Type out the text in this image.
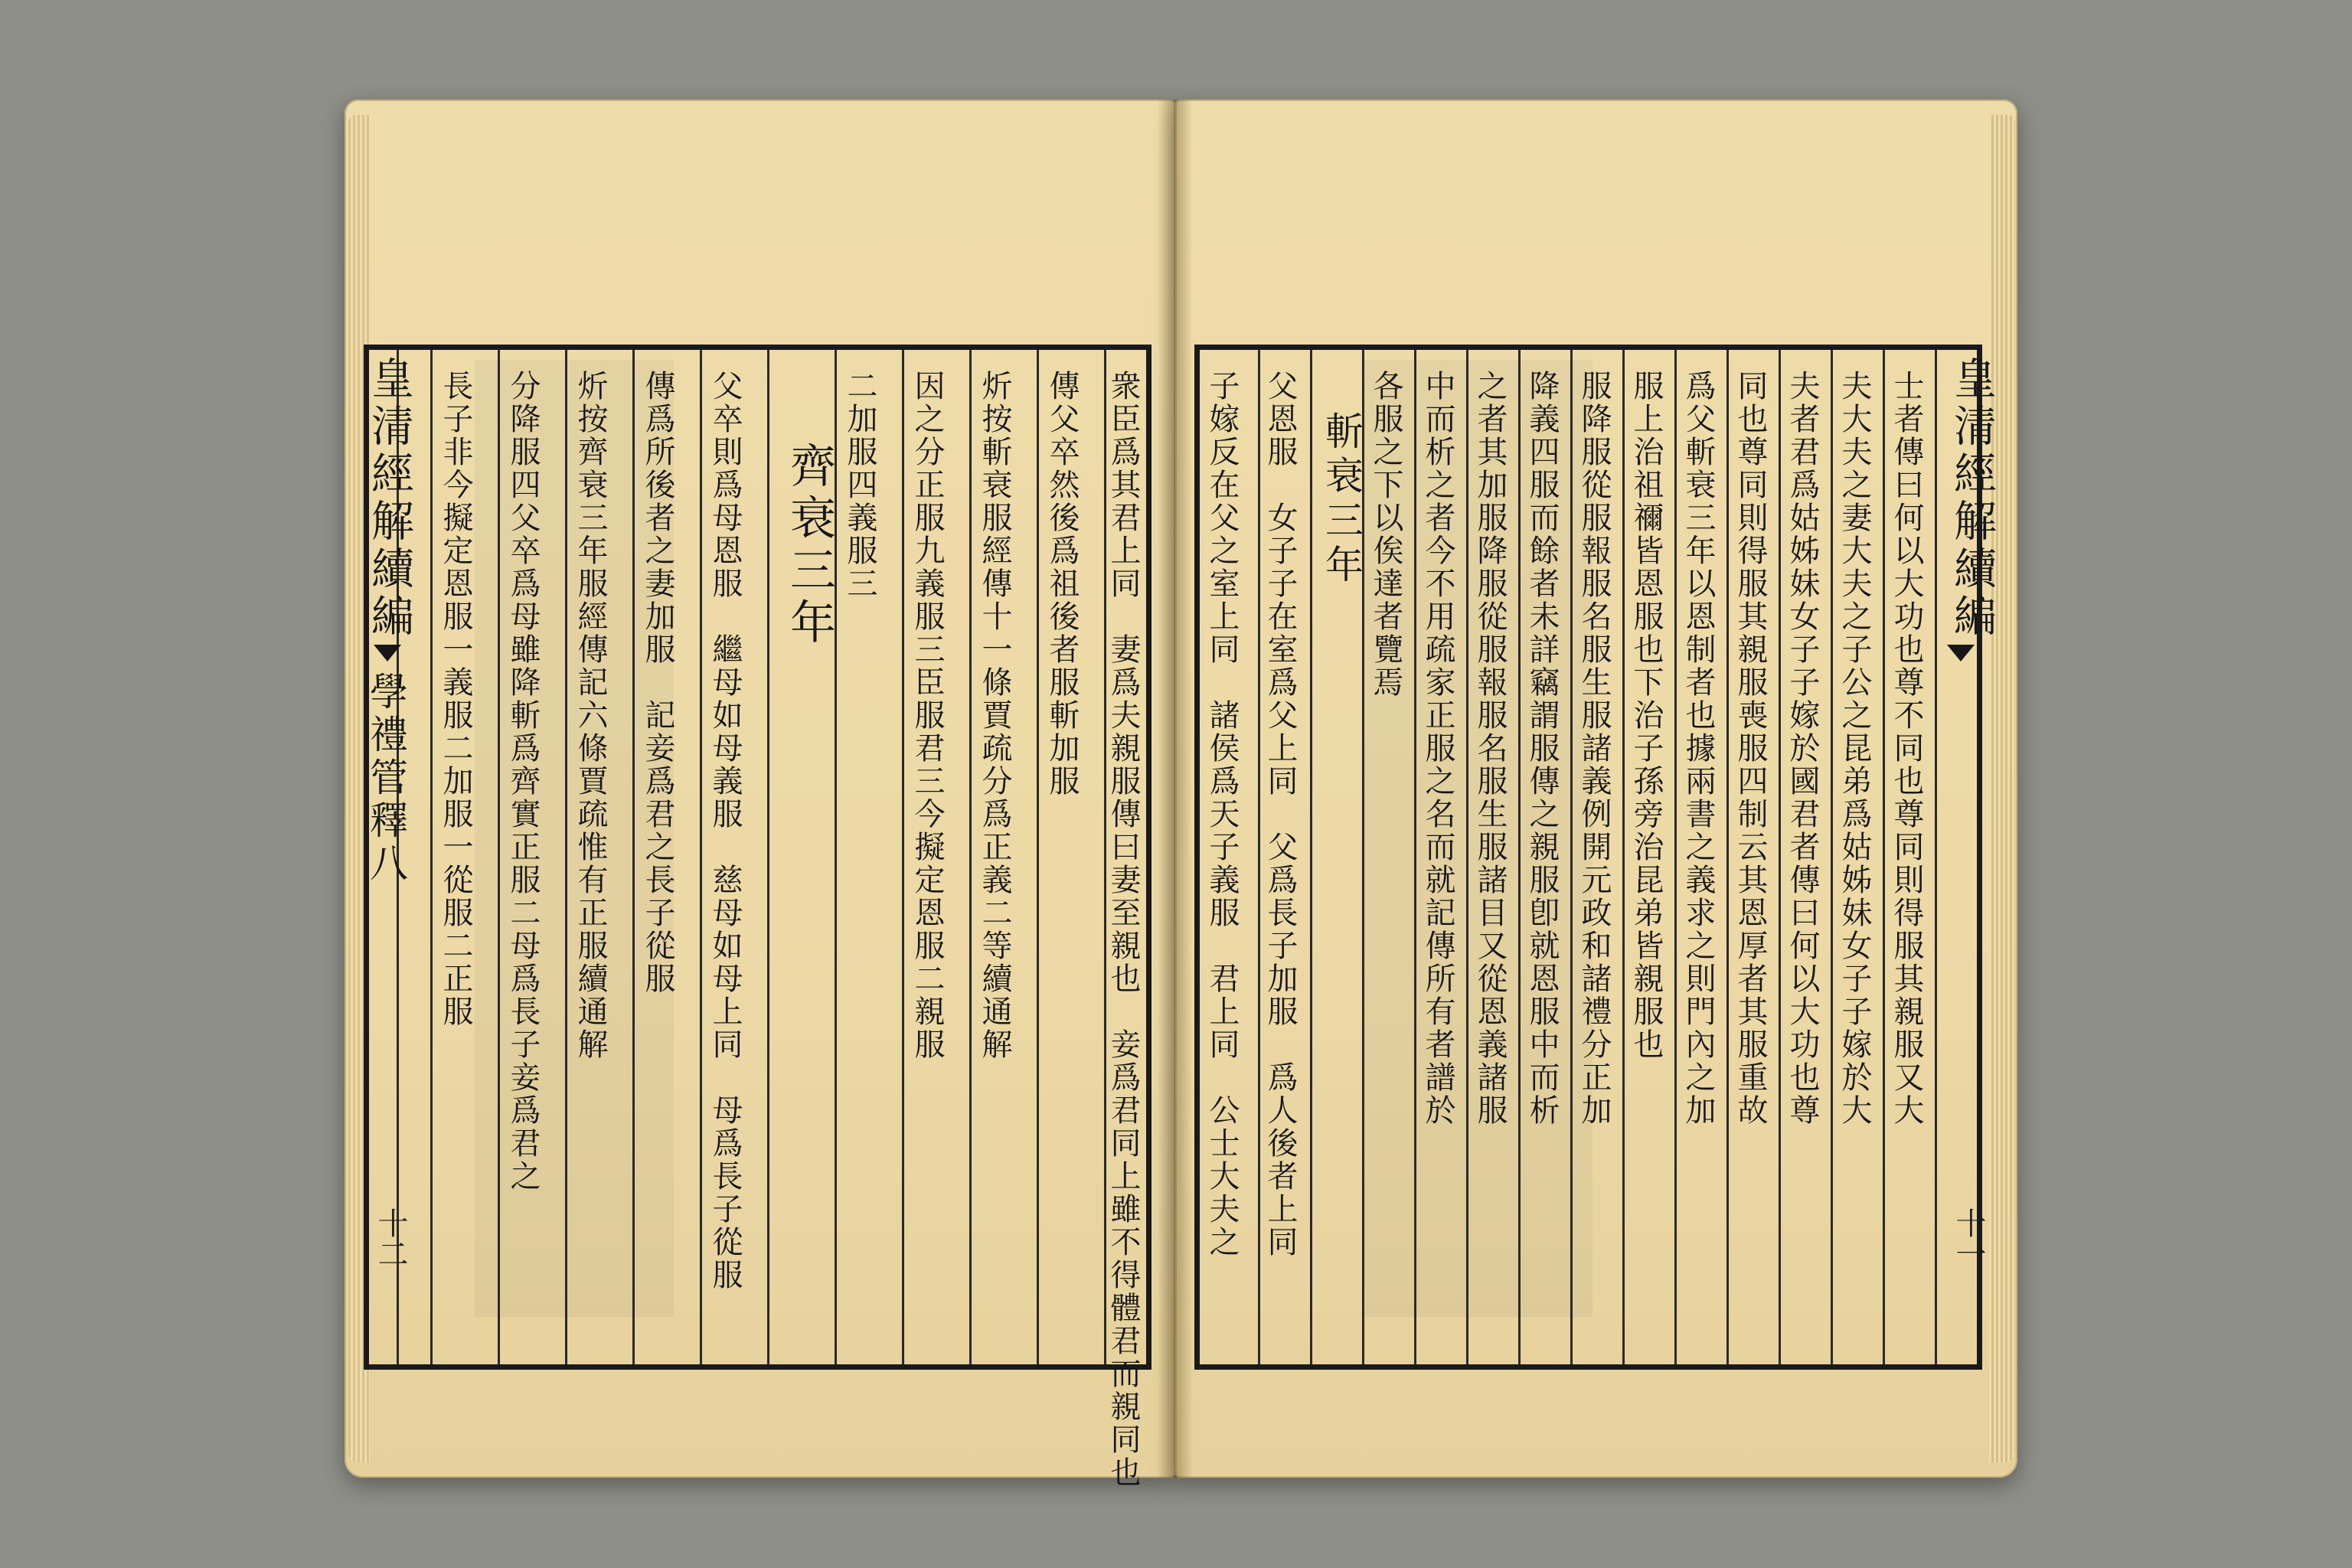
皇清經解續編
學禮管釋八
十二
長子非今擬定恩服一義服二加服一從服二正服 分降服四父卒爲母雖降斬爲齊實正服二母爲長子妾爲君之 炘按齊衰三年服經傳記六條賈疏惟有正服續通解 傳爲所後者之妻加服　記妾爲君之長子從服 父卒則爲母恩服　繼母如母義服　慈母如母上同　母爲長子從服 齊衰三年 二加服四義服三 因之分正服九義服三臣服君三今擬定恩服二親服 炘按斬衰服經傳十一條賈疏分爲正義二等續通解 傳父卒然後爲祖後者服斬加服 衆臣爲其君上同　妻爲夫親服傳曰妻至親也　妾爲君同上雖不得體君而親同也 子嫁反在父之室上同　諸侯爲天子義服　君上同　公士大夫之 父恩服　女子子在室爲父上同　父爲長子加服　爲人後者上同 斬衰三年 各服之下以俟達者覽焉 中而析之者今不用疏家正服之名而就記傳所有者譜於 之者其加服降服從服報服名服生服諸目又從恩義諸服 降義四服而餘者未詳竊謂服傳之親服卽就恩服中而析 服降服從服報服名服生服諸義例開元政和諸禮分正加 服上治祖禰皆恩服也下治子孫旁治昆弟皆親服也 爲父斬衰三年以恩制者也據兩書之義求之則門內之加 同也尊同則得服其親服喪服四制云其恩厚者其服重故 夫者君爲姑姊妹女子子嫁於國君者傳曰何以大功也尊 夫大夫之妻大夫之子公之昆弟爲姑姊妹女子子嫁於大 士者傳曰何以大功也尊不同也尊同則得服其親服又大 皇清經解續編
十一
